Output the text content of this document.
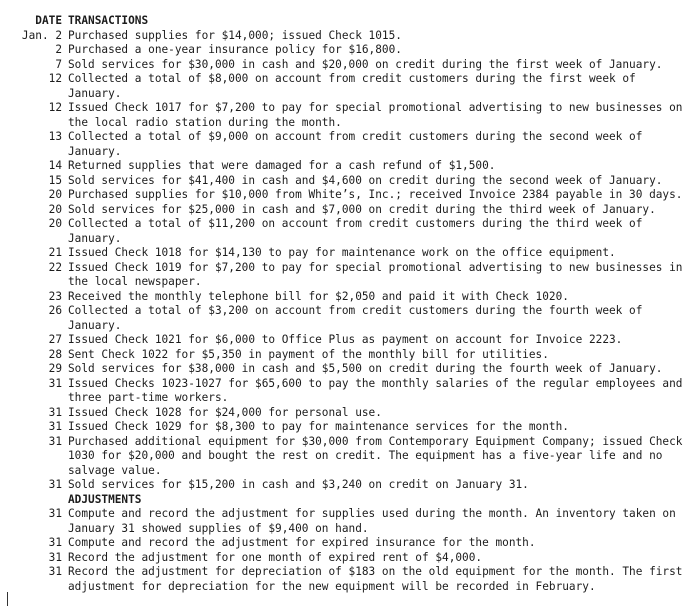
DATE TRANSACTIONS
Jan. 2 Purchased supplies for $14,000; issued Check 1015.
2 Purchased a one-year insurance policy for $16,800.
7 Sold services for $30,000 in cash and $20,000 on credit during the first week of January.
12 Collected a total of $8,000 on account from credit customers during the first week of January.
12 Issued Check 1017 for $7,200 to pay for special promotional advertising to new businesses on the local radio station during the month.
13 Collected a total of $9,000 on account from credit customers during the second week of January.
14 Returned supplies that were damaged for a cash refund of $1,500.
15 Sold services for $41,400 in cash and $4,600 on credit during the second week of January.
20 Purchased supplies for $10,000 from White’s, Inc.; received Invoice 2384 payable in 30 days.
20 Sold services for $25,000 in cash and $7,000 on credit during the third week of January.
20 Collected a total of $11,200 on account from credit customers during the third week of January.
21 Issued Check 1018 for $14,130 to pay for maintenance work on the office equipment.
22 Issued Check 1019 for $7,200 to pay for special promotional advertising to new businesses in the local newspaper.
23 Received the monthly telephone bill for $2,050 and paid it with Check 1020.
26 Collected a total of $3,200 on account from credit customers during the fourth week of January.
27 Issued Check 1021 for $6,000 to Office Plus as payment on account for Invoice 2223.
28 Sent Check 1022 for $5,350 in payment of the monthly bill for utilities.
29 Sold services for $38,000 in cash and $5,500 on credit during the fourth week of January.
31 Issued Checks 1023-1027 for $65,600 to pay the monthly salaries of the regular employees and three part-time workers.
31 Issued Check 1028 for $24,000 for personal use.
31 Issued Check 1029 for $8,300 to pay for maintenance services for the month.
31 Purchased additional equipment for $30,000 from Contemporary Equipment Company; issued Check 1030 for $20,000 and bought the rest on credit. The equipment has a five-year life and no salvage value.
31 Sold services for $15,200 in cash and $3,240 on credit on January 31.
ADJUSTMENTS
31 Compute and record the adjustment for supplies used during the month. An inventory taken on January 31 showed supplies of $9,400 on hand.
31 Compute and record the adjustment for expired insurance for the month.
31 Record the adjustment for one month of expired rent of $4,000.
31 Record the adjustment for depreciation of $183 on the old equipment for the month. The first adjustment for depreciation for the new equipment will be recorded in February.
